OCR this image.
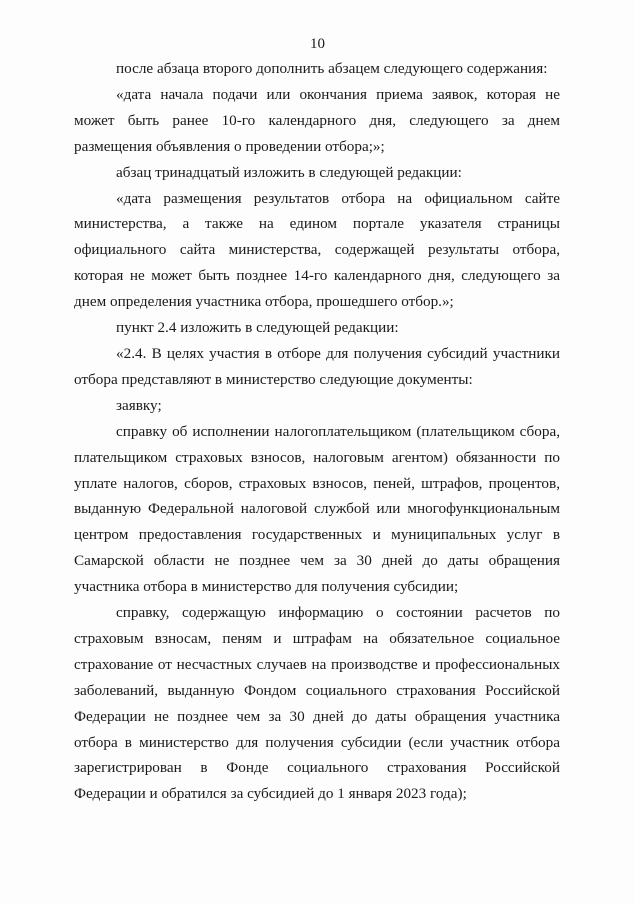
10

после абзаца второго дополнить абзацем следующего содержания:

«дата начала подачи или окончания приема заявок, которая не может быть ранее 10-го календарного дня, следующего за днем размещения объявления о проведении отбора;»;

абзац тринадцатый изложить в следующей редакции:

«дата размещения результатов отбора на официальном сайте министерства, а также на едином портале указателя страницы официального сайта министерства, содержащей результаты отбора, которая не может быть позднее 14-го календарного дня, следующего за днем определения участника отбора, прошедшего отбор.»;

пункт 2.4 изложить в следующей редакции:

«2.4. В целях участия в отборе для получения субсидий участники отбора представляют в министерство следующие документы:

заявку;

справку об исполнении налогоплательщиком (плательщиком сбора, плательщиком страховых взносов, налоговым агентом) обязанности по уплате налогов, сборов, страховых взносов, пеней, штрафов, процентов, выданную Федеральной налоговой службой или многофункциональным центром предоставления государственных и муниципальных услуг в Самарской области не позднее чем за 30 дней до даты обращения участника отбора в министерство для получения субсидии;

справку, содержащую информацию о состоянии расчетов по страховым взносам, пеням и штрафам на обязательное социальное страхование от несчастных случаев на производстве и профессиональных заболеваний, выданную Фондом социального страхования Российской Федерации не позднее чем за 30 дней до даты обращения участника отбора в министерство для получения субсидии (если участник отбора зарегистрирован в Фонде социального страхования Российской Федерации и обратился за субсидией до 1 января 2023 года);
